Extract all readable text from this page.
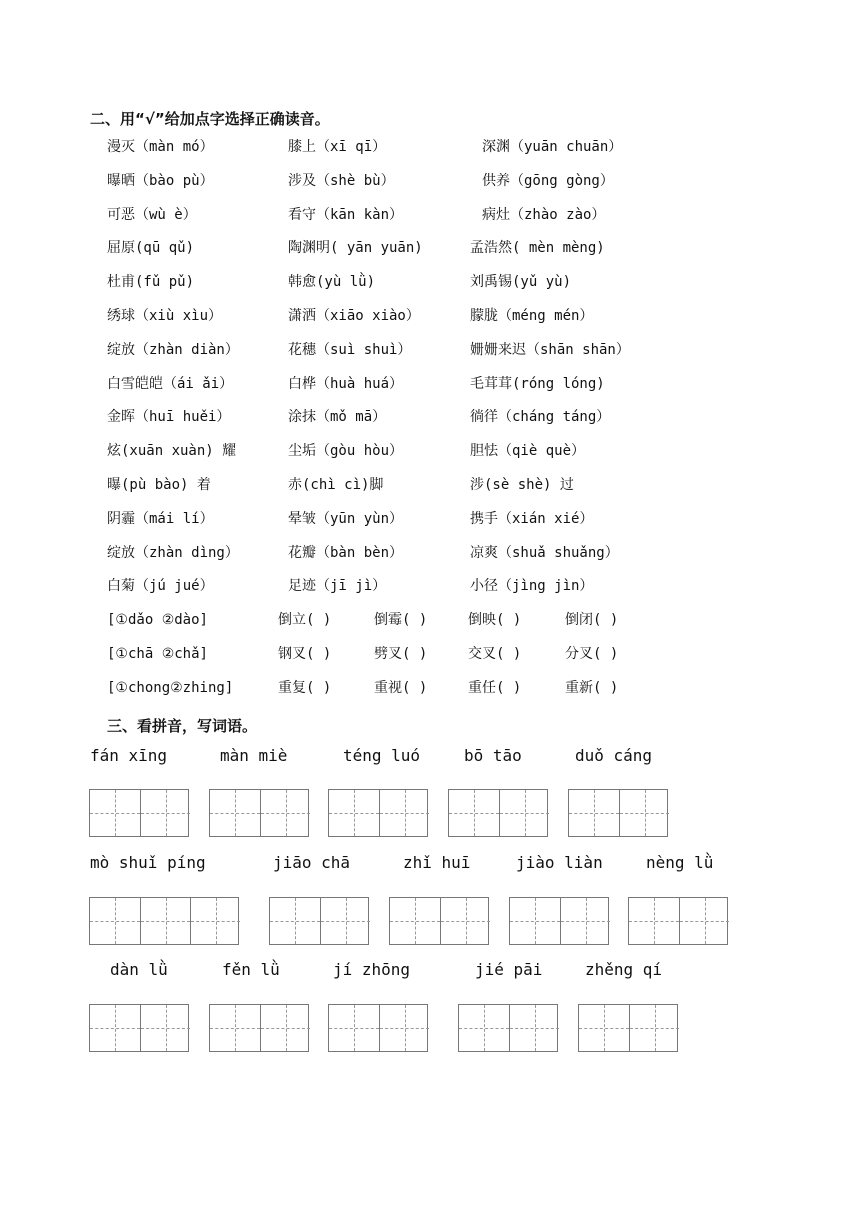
二、用“√”给加点字选择正确读音。
漫灭（màn mó）	膝上（xī qī）	深渊（yuān chuān）
曝晒（bào pù）	涉及（shè bù）	供养（gōng gòng）
可恶（wù è）	看守（kān kàn）	病灶（zhào zào）
屈原(qū qǔ)	陶渊明( yān yuān)	孟浩然( mèn mèng)
杜甫(fǔ pǔ)	韩愈(yù lǜ)	刘禹锡(yǔ yù)
绣球（xiù xìu）	潇洒（xiāo xiào）	朦胧（méng mén）
绽放（zhàn diàn）	花穗（suì shuì）	姗姗来迟（shān shān）
白雪皑皑（ái ǎi）	白桦（huà huá）	毛茸茸(róng lóng)
金晖（huī huěi）	涂抹（mǒ mā）	徜徉（cháng táng）
炫(xuān xuàn) 耀	尘垢（gòu hòu）	胆怯（qiè què）
曝(pù bào) 着	赤(chì cì)脚	涉(sè shè) 过
阴霾（mái lí）	晕皱（yūn yùn）	携手（xián xié）
绽放（zhàn dìng）	花瓣（bàn bèn）	凉爽（shuǎ shuǎng）
白菊（jú jué）	足迹（jī jì）	小径（jìng jìn）
[①dǎo ②dào]	倒立( )	倒霉( )	倒映( )	倒闭( )
[①chā ②chǎ]	钢叉( )	劈叉( )	交叉( )	分叉( )
[①chong②zhing]	重复( )	重视( )	重任( )	重新( )
三、看拼音，写词语。
fán xīng	màn miè	téng luó	bō tāo	duǒ cáng
mò shuǐ píng	jiāo chā	zhǐ huī	jiào liàn	nèng lǜ
dàn lǜ	fěn lǜ	jí zhōng	jié pāi	zhěng qí
